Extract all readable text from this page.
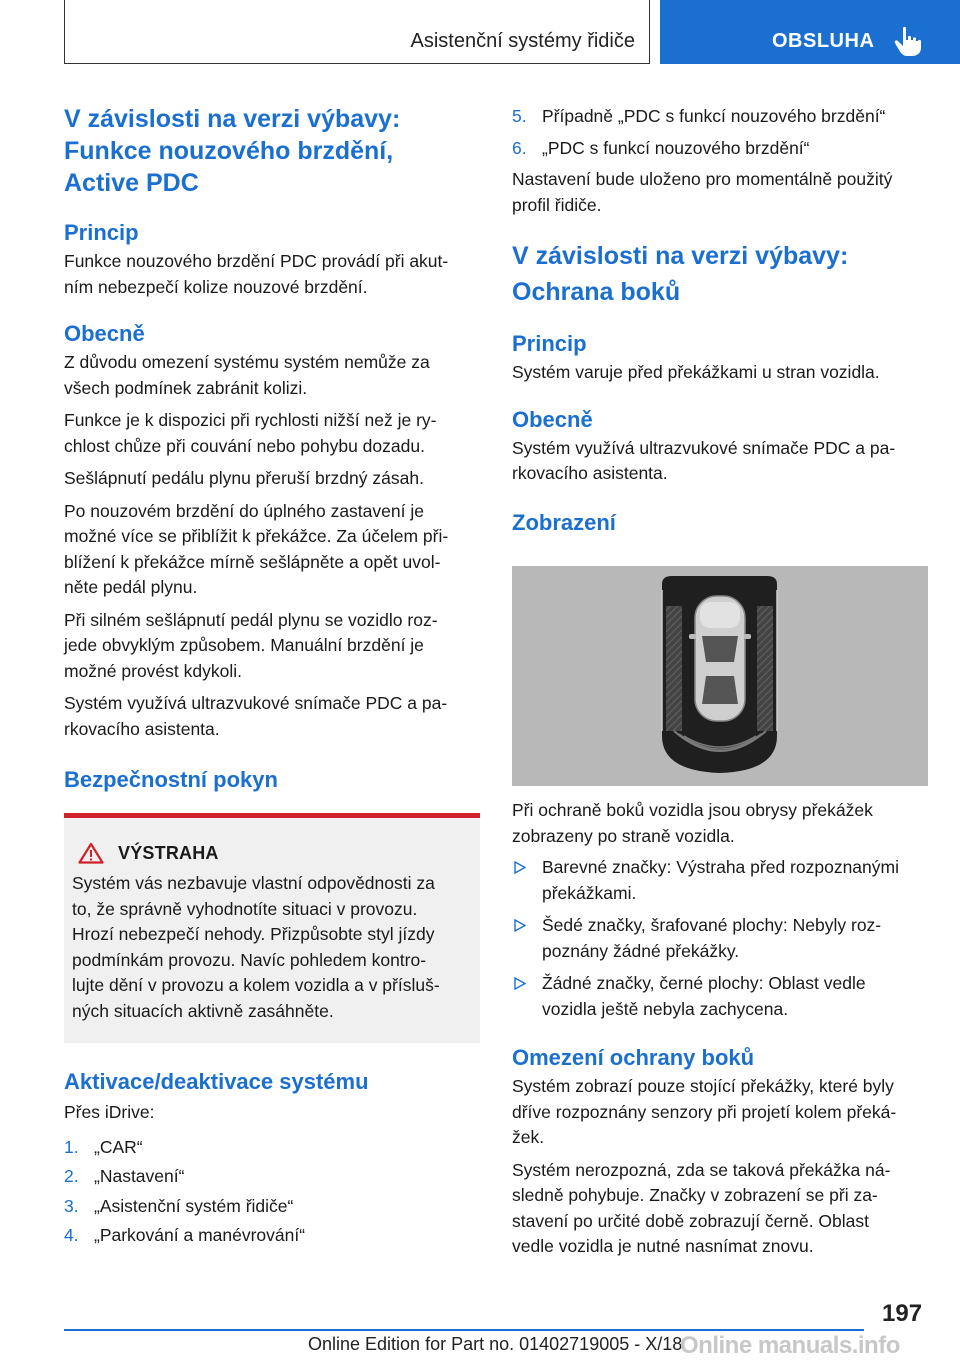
Asistenční systémy řidiče	OBSLUHA
V závislosti na verzi výbavy:
Funkce nouzového brzdění,
Active PDC
Princip
Funkce nouzového brzdění PDC provádí při akut-
ním nebezpečí kolize nouzové brzdění.
Obecně
Z důvodu omezení systému systém nemůže za
všech podmínek zabránit kolizi.
Funkce je k dispozici při rychlosti nižší než je ry-
chlost chůze při couvání nebo pohybu dozadu.
Sešlápnutí pedálu plynu přeruší brzdný zásah.
Po nouzovém brzdění do úplného zastavení je
možné více se přiblížit k překážce. Za účelem při-
blížení k překážce mírně sešlápněte a opět uvol-
něte pedál plynu.
Při silném sešlápnutí pedál plynu se vozidlo roz-
jede obvyklým způsobem. Manuální brzdění je
možné provést kdykoli.
Systém využívá ultrazvukové snímače PDC a pa-
rkovacího asistenta.
Bezpečnostní pokyn
VÝSTRAHA
Systém vás nezbavuje vlastní odpovědnosti za
to, že správně vyhodnotíte situaci v provozu.
Hrozí nebezpečí nehody. Přizpůsobte styl jízdy
podmínkám provozu. Navíc pohledem kontro-
lujte dění v provozu a kolem vozidla a v přísluš-
ných situacích aktivně zasáhněte.
Aktivace/deaktivace systému
Přes iDrive:
1. „CAR“
2. „Nastavení“
3. „Asistenční systém řidiče“
4. „Parkování a manévrování“
5. Případně „PDC s funkcí nouzového brzdění“
6. „PDC s funkcí nouzového brzdění“
Nastavení bude uloženo pro momentálně použitý
profil řidiče.
V závislosti na verzi výbavy:
Ochrana boků
Princip
Systém varuje před překážkami u stran vozidla.
Obecně
Systém využívá ultrazvukové snímače PDC a pa-
rkovacího asistenta.
Zobrazení
Při ochraně boků vozidla jsou obrysy překážek
zobrazeny po straně vozidla.
Barevné značky: Výstraha před rozpoznanými
překážkami.
Šedé značky, šrafované plochy: Nebyly roz-
poznány žádné překážky.
Žádné značky, černé plochy: Oblast vedle
vozidla ještě nebyla zachycena.
Omezení ochrany boků
Systém zobrazí pouze stojící překážky, které byly
dříve rozpoznány senzory při projetí kolem překá-
žek.
Systém nerozpozná, zda se taková překážka ná-
sledně pohybuje. Značky v zobrazení se při za-
stavení po určité době zobrazují černě. Oblast
vedle vozidla je nutné nasnímat znovu.
197
Online Edition for Part no. 01402719005 - X/18
Online manuals.info
